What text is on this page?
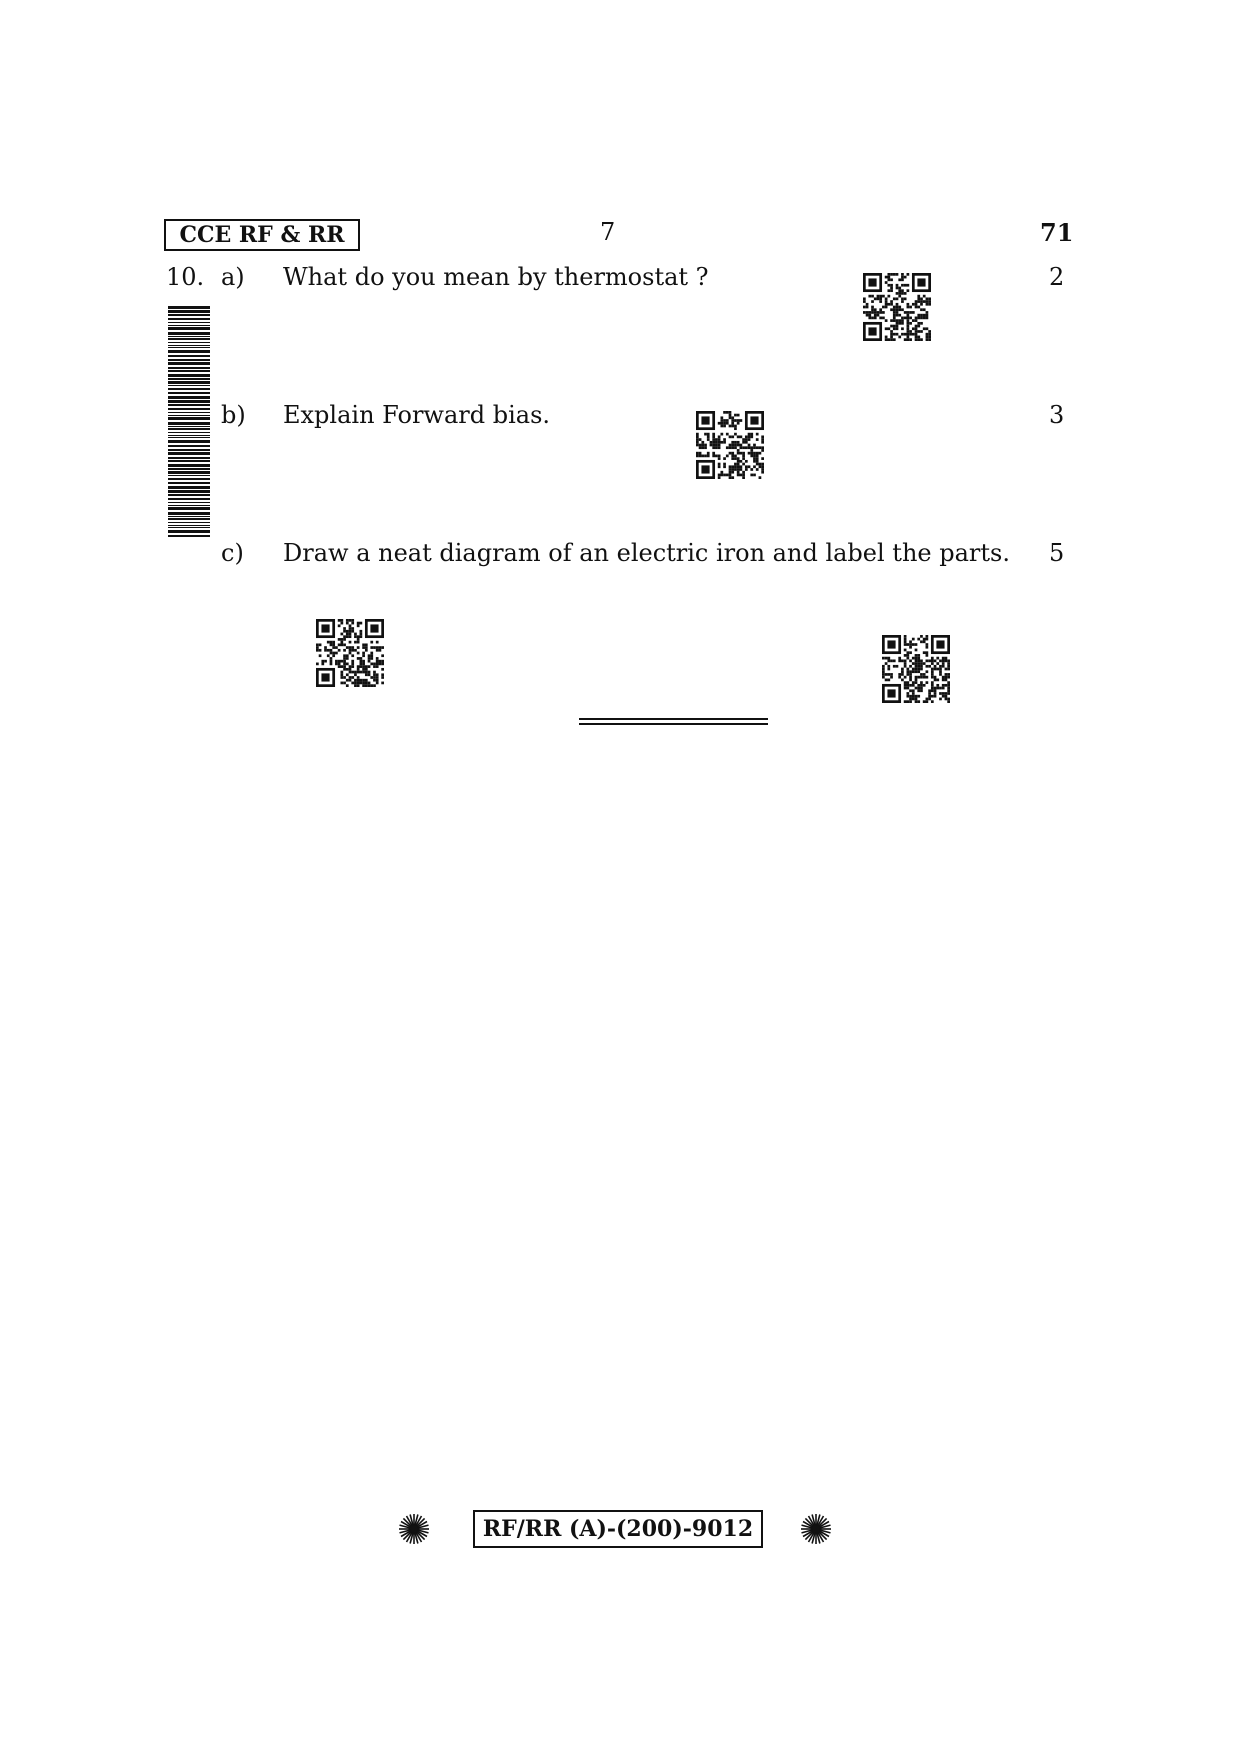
CCE RF & RR	7	71
10. a) What do you mean by thermostat ?	2
b) Explain Forward bias.	3
c) Draw a neat diagram of an electric iron and label the parts. 5
RF/RR (A)-(200)-9012
